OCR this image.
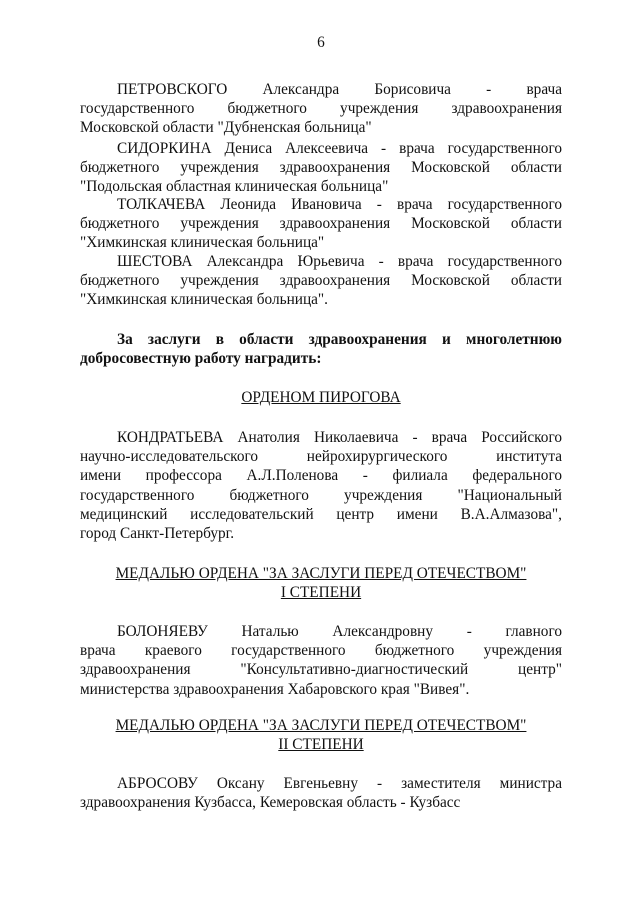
6
ПЕТРОВСКОГО Александра Борисовича - врача
государственного бюджетного учреждения здравоохранения
Московской области "Дубненская больница"
СИДОРКИНА Дениса Алексеевича - врача государственного
бюджетного учреждения здравоохранения Московской области
"Подольская областная клиническая больница"
ТОЛКАЧЕВА Леонида Ивановича - врача государственного
бюджетного учреждения здравоохранения Московской области
"Химкинская клиническая больница"
ШЕСТОВА Александра Юрьевича - врача государственного
бюджетного учреждения здравоохранения Московской области
"Химкинская клиническая больница".
За заслуги в области здравоохранения и многолетнюю
добросовестную работу наградить:
ОРДЕНОМ ПИРОГОВА
КОНДРАТЬЕВА Анатолия Николаевича - врача Российского
научно-исследовательского нейрохирургического института
имени профессора А.Л.Поленова - филиала федерального
государственного бюджетного учреждения "Национальный
медицинский исследовательский центр имени В.А.Алмазова",
город Санкт-Петербург.
МЕДАЛЬЮ ОРДЕНА "ЗА ЗАСЛУГИ ПЕРЕД ОТЕЧЕСТВОМ"
I СТЕПЕНИ
БОЛОНЯЕВУ Наталью Александровну - главного
врача краевого государственного бюджетного учреждения
здравоохранения "Консультативно-диагностический центр"
министерства здравоохранения Хабаровского края "Вивея".
МЕДАЛЬЮ ОРДЕНА "ЗА ЗАСЛУГИ ПЕРЕД ОТЕЧЕСТВОМ"
II СТЕПЕНИ
АБРОСОВУ Оксану Евгеньевну - заместителя министра
здравоохранения Кузбасса, Кемеровская область - Кузбасс
